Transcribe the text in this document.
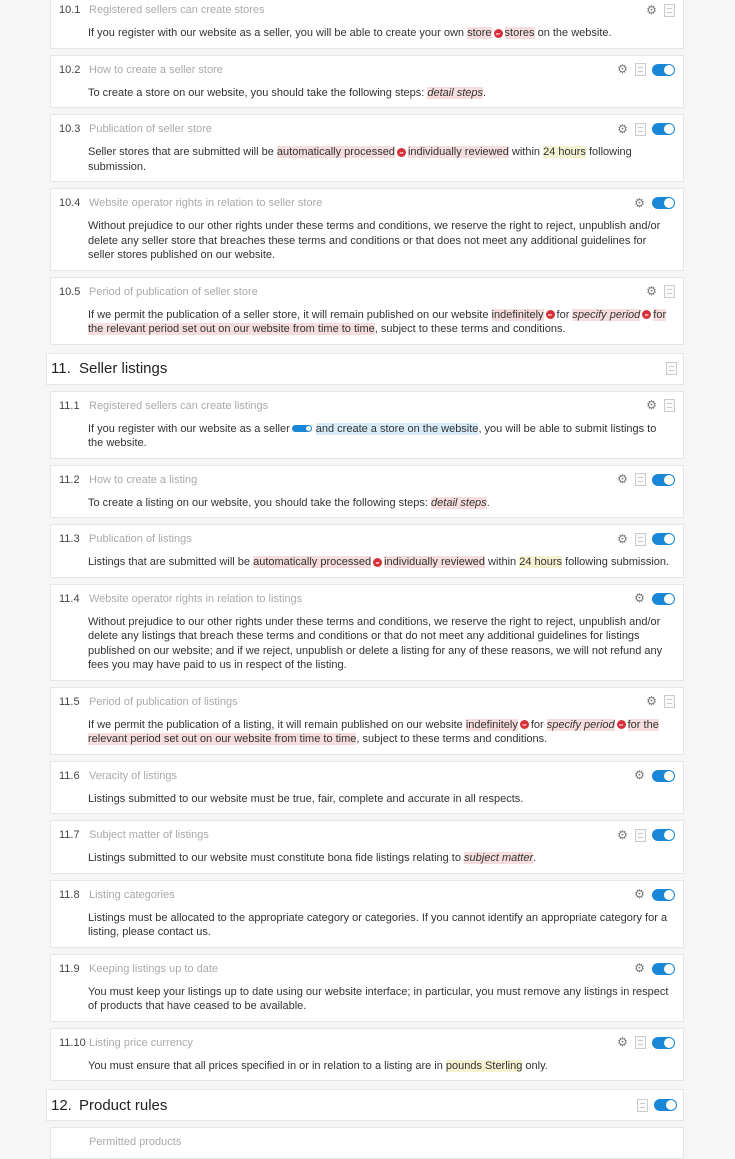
10.1 Registered sellers can create stores	⚙
If you register with our website as a seller, you will be able to create your own store or stores on the website.
10.2 How to create a seller store	⚙
To create a store on our website, you should take the following steps: detail steps.
10.3 Publication of seller store	⚙
Seller stores that are submitted will be automatically processed or individually reviewed within 24 hours following submission.
10.4 Website operator rights in relation to seller store	⚙
Without prejudice to our other rights under these terms and conditions, we reserve the right to reject, unpublish and/or delete any seller store that breaches these terms and conditions or that does not meet any additional guidelines for seller stores published on our website.
10.5 Period of publication of seller store	⚙
If we permit the publication of a seller store, it will remain published on our website indefinitely or for specify period or for the relevant period set out on our website from time to time, subject to these terms and conditions.
11. Seller listings
11.1 Registered sellers can create listings	⚙
If you register with our website as a seller and create a store on the website, you will be able to submit listings to the website.
11.2 How to create a listing	⚙
To create a listing on our website, you should take the following steps: detail steps.
11.3 Publication of listings	⚙
Listings that are submitted will be automatically processed or individually reviewed within 24 hours following submission.
11.4 Website operator rights in relation to listings	⚙
Without prejudice to our other rights under these terms and conditions, we reserve the right to reject, unpublish and/or delete any listings that breach these terms and conditions or that do not meet any additional guidelines for listings published on our website; and if we reject, unpublish or delete a listing for any of these reasons, we will not refund any fees you may have paid to us in respect of the listing.
11.5 Period of publication of listings	⚙
If we permit the publication of a listing, it will remain published on our website indefinitely or for specify period or for the relevant period set out on our website from time to time, subject to these terms and conditions.
11.6 Veracity of listings	⚙
Listings submitted to our website must be true, fair, complete and accurate in all respects.
11.7 Subject matter of listings	⚙
Listings submitted to our website must constitute bona fide listings relating to subject matter.
11.8 Listing categories	⚙
Listings must be allocated to the appropriate category or categories. If you cannot identify an appropriate category for a listing, please contact us.
11.9 Keeping listings up to date	⚙
You must keep your listings up to date using our website interface; in particular, you must remove any listings in respect of products that have ceased to be available.
11.10 Listing price currency	⚙
You must ensure that all prices specified in or in relation to a listing are in pounds Sterling only.
12. Product rules
Permitted products
